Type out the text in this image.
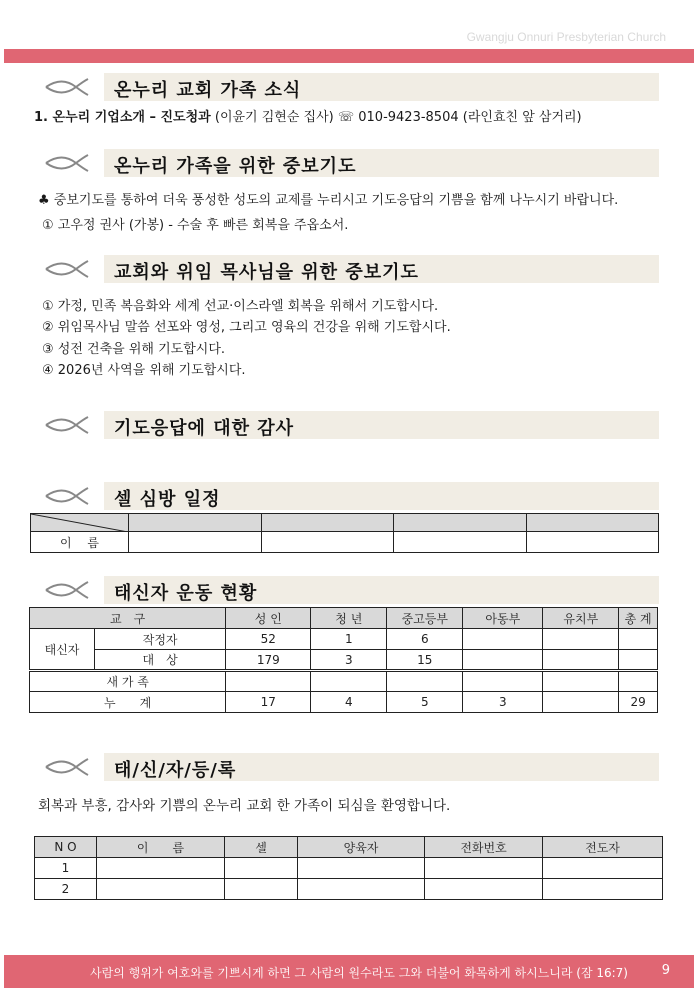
Gwangju Onnuri Presbyterian Church
온누리 교회 가족 소식
1. 온누리 기업소개 – 진도청과 (이윤기 김현순 집사) ☏ 010-9423-8504 (라인효친 앞 삼거리)
온누리 가족을 위한 중보기도
♣ 중보기도를 통하여 더욱 풍성한 성도의 교제를 누리시고 기도응답의 기쁨을 함께 나누시기 바랍니다.
① 고우정 권사 (가봉) - 수술 후 빠른 회복을 주옵소서.
교회와 위임 목사님을 위한 중보기도
① 가정, 민족 복음화와 세계 선교·이스라엘 회복을 위해서 기도합시다.
② 위임목사님 말씀 선포와 영성, 그리고 영육의 건강을 위해 기도합시다.
③ 성전 건축을 위해 기도합시다.
④ 2026년 사역을 위해 기도합시다.
기도응답에 대한 감사
셀 심방 일정

이　 름				
태신자 운동 현황
교　구		성 인	청 년	중고등부	아동부	유치부	총 계
태신자	작정자	52	1	6			
	대　상	179	3	15			
새 가 족							
누　　계		17	4	5	3		29
태/신/자/등/록
회복과 부흥, 감사와 기쁨의 온누리 교회 한 가족이 되심을 환영합니다.
N O	이　　름	셀	양육자	전화번호	전도자
1					
2					
사람의 행위가 여호와를 기쁘시게 하면 그 사람의 원수라도 그와 더불어 화목하게 하시느니라 (잠 16:7)	9
